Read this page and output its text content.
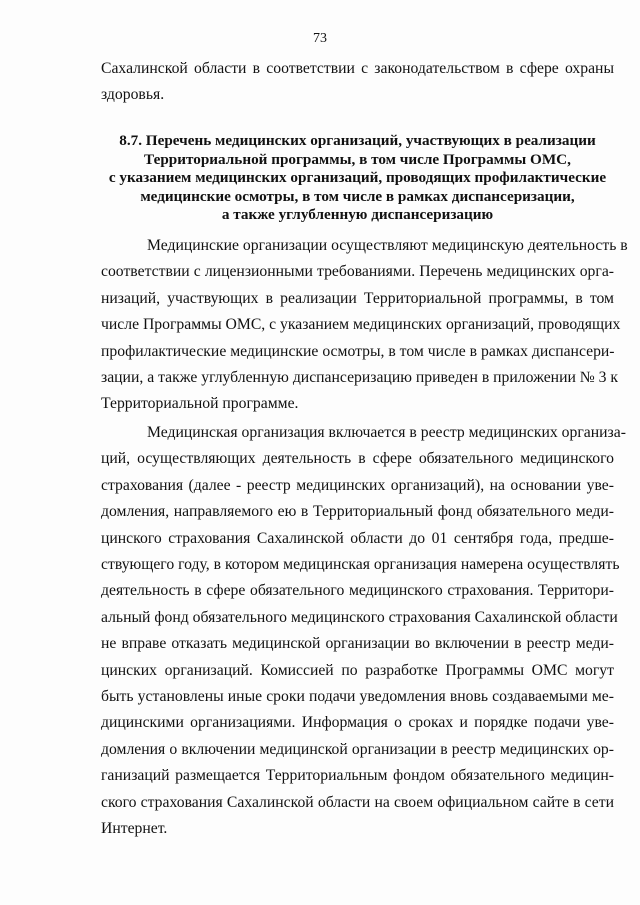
73
Сахалинской области в соответствии с законодательством в сфере охраны
здоровья.
8.7. Перечень медицинских организаций, участвующих в реализации
Территориальной программы, в том числе Программы ОМС,
с указанием медицинских организаций, проводящих профилактические
медицинские осмотры, в том числе в рамках диспансеризации,
а также углубленную диспансеризацию
Медицинские организации осуществляют медицинскую деятельность в
соответствии с лицензионными требованиями. Перечень медицинских орга-
низаций, участвующих в реализации Территориальной программы, в том
числе Программы ОМС, с указанием медицинских организаций, проводящих
профилактические медицинские осмотры, в том числе в рамках диспансери-
зации, а также углубленную диспансеризацию приведен в приложении № 3 к
Территориальной программе.
Медицинская организация включается в реестр медицинских организа-
ций, осуществляющих деятельность в сфере обязательного медицинского
страхования (далее - реестр медицинских организаций), на основании уве-
домления, направляемого ею в Территориальный фонд обязательного меди-
цинского страхования Сахалинской области до 01 сентября года, предше-
ствующего году, в котором медицинская организация намерена осуществлять
деятельность в сфере обязательного медицинского страхования. Территори-
альный фонд обязательного медицинского страхования Сахалинской области
не вправе отказать медицинской организации во включении в реестр меди-
цинских организаций. Комиссией по разработке Программы ОМС могут
быть установлены иные сроки подачи уведомления вновь создаваемыми ме-
дицинскими организациями. Информация о сроках и порядке подачи уве-
домления о включении медицинской организации в реестр медицинских ор-
ганизаций размещается Территориальным фондом обязательного медицин-
ского страхования Сахалинской области на своем официальном сайте в сети
Интернет.
